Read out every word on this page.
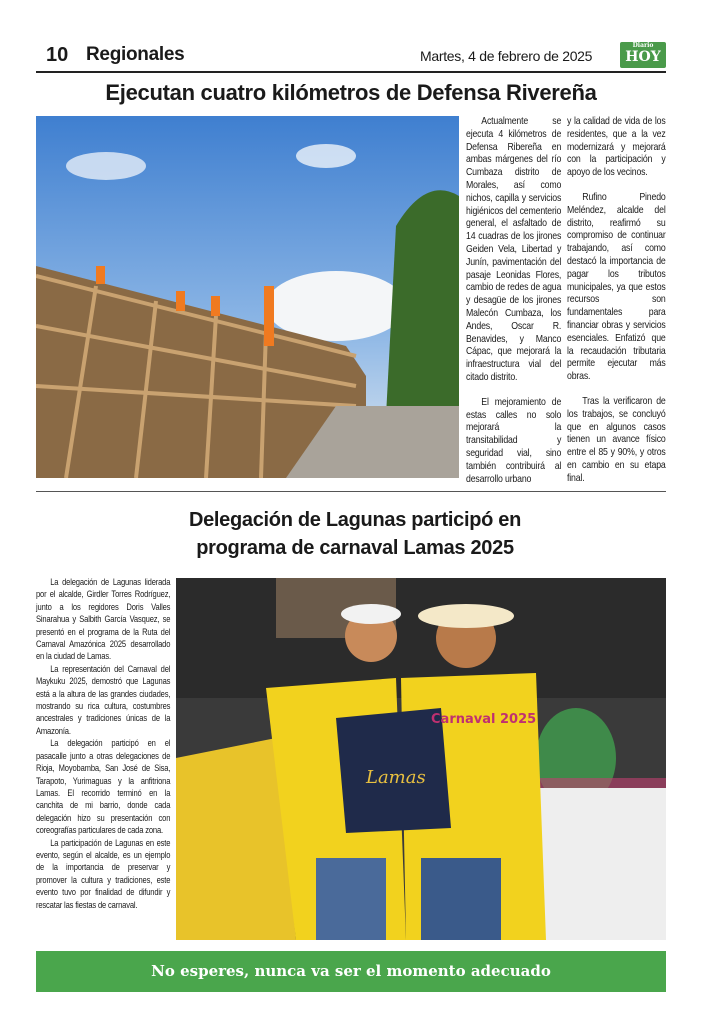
10 Regionales	Martes, 4 de febrero de 2025
Diario
HOY
Ejecutan cuatro kilómetros de Defensa Rivereña

Actualmente se ejecuta 4 kilómetros de Defensa Ribereña en ambas márgenes del río Cumbaza distrito de Morales, así como nichos, capilla y servicios higiénicos del cementerio general, el asfaltado de 14 cuadras de los jirones Geiden Vela, Libertad y Junín, pavimentación del pasaje Leonidas Flores, cambio de redes de agua y desagüe de los jirones Malecón Cumbaza, los Andes, Oscar R. Benavides, y Manco Cápac, que mejorará la infraestructura vial del citado distrito.

El mejoramiento de estas calles no solo mejorará la transitabilidad y seguridad vial, sino también contribuirá al desarrollo urbano

y la calidad de vida de los residentes, que a la vez modernizará y mejorará con la participación y apoyo de los vecinos.

Rufino Pinedo Meléndez, alcalde del distrito, reafirmó su compromiso de continuar trabajando, así como destacó la importancia de pagar los tributos municipales, ya que estos recursos son fundamentales para financiar obras y servicios esenciales. Enfatizó que la recaudación tributaria permite ejecutar más obras.

Tras la verificaron de los trabajos, se concluyó que en algunos casos tienen un avance físico entre el 85 y 90%, y otros en cambio en su etapa final.

Delegación de Lagunas participó en
programa de carnaval Lamas 2025

La delegación de Lagunas liderada por el alcalde, Girdler Torres Rodríguez, junto a los regidores Doris Valles Sinarahua y Salbith García Vasquez, se presentó en el programa de la Ruta del Carnaval Amazónica 2025 desarrollado en la ciudad de Lamas.

La representación del Carnaval del Maykuku 2025, demostró que Lagunas está a la altura de las grandes ciudades, mostrando su rica cultura, costumbres ancestrales y tradiciones únicas de la Amazonía.

La delegación participó en el pasacalle junto a otras delegaciones de Rioja, Moyobamba, San José de Sisa, Tarapoto, Yurimaguas y la anfitriona Lamas. El recorrido terminó en la canchita de mi barrio, donde cada delegación hizo su presentación con coreografías particulares de cada zona.

La participación de Lagunas en este evento, según el alcalde, es un ejemplo de la importancia de preservar y promover la cultura y tradiciones, este evento tuvo por finalidad de difundir y rescatar las fiestas de carnaval.

Lamas
Carnaval 2025
No esperes, nunca va ser el momento adecuado
